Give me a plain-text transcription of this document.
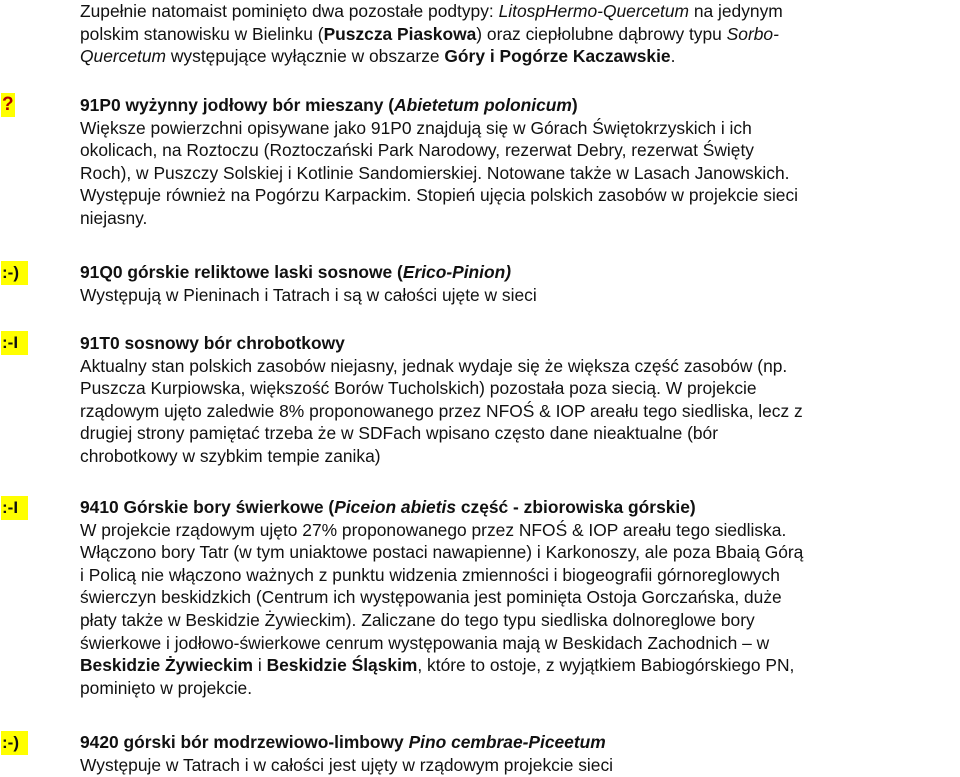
Zupełnie natomaist pominięto dwa pozostałe podtypy: LitospHermo-Quercetum na jedynym
polskim stanowisku w Bielinku (Puszcza Piaskowa) oraz ciepłolubne dąbrowy typu Sorbo-
Quercetum występujące wyłącznie w obszarze Góry i Pogórze Kaczawskie.

?	91P0 wyżynny jodłowy bór mieszany (Abietetum polonicum)
Większe powierzchni opisywane jako 91P0 znajdują się w Górach Świętokrzyskich i ich
okolicach, na Roztoczu (Roztoczański Park Narodowy, rezerwat Debry, rezerwat Święty
Roch), w Puszczy Solskiej i Kotlinie Sandomierskiej. Notowane także w Lasach Janowskich.
Występuje również na Pogórzu Karpackim. Stopień ujęcia polskich zasobów w projekcie sieci
niejasny.

:-)	91Q0 górskie reliktowe laski sosnowe (Erico-Pinion)
Występują w Pieninach i Tatrach i są w całości ujęte w sieci

:-I	91T0 sosnowy bór chrobotkowy
Aktualny stan polskich zasobów niejasny, jednak wydaje się że większa część zasobów (np.
Puszcza Kurpiowska, większość Borów Tucholskich) pozostała poza siecią. W projekcie
rządowym ujęto zaledwie 8% proponowanego przez NFOŚ & IOP areału tego siedliska, lecz z
drugiej strony pamiętać trzeba że w SDFach wpisano często dane nieaktualne (bór
chrobotkowy w szybkim tempie zanika)

:-I	9410 Górskie bory świerkowe (Piceion abietis część - zbiorowiska górskie)
W projekcie rządowym ujęto 27% proponowanego przez NFOŚ & IOP areału tego siedliska.
Włączono bory Tatr (w tym uniaktowe postaci nawapienne) i Karkonoszy, ale poza Bbaią Górą
i Policą nie włączono ważnych z punktu widzenia zmienności i biogeografii górnoreglowych
świerczyn beskidzkich (Centrum ich występowania jest pominięta Ostoja Gorczańska, duże
płaty także w Beskidzie Żywieckim). Zaliczane do tego typu siedliska dolnoreglowe bory
świerkowe i jodłowo-świerkowe cenrum występowania mają w Beskidach Zachodnich – w
Beskidzie Żywieckim i Beskidzie Śląskim, które to ostoje, z wyjątkiem Babiogórskiego PN,
pominięto w projekcie.

:-)	9420 górski bór modrzewiowo-limbowy Pino cembrae-Piceetum
Występuje w Tatrach i w całości jest ujęty w rządowym projekcie sieci
